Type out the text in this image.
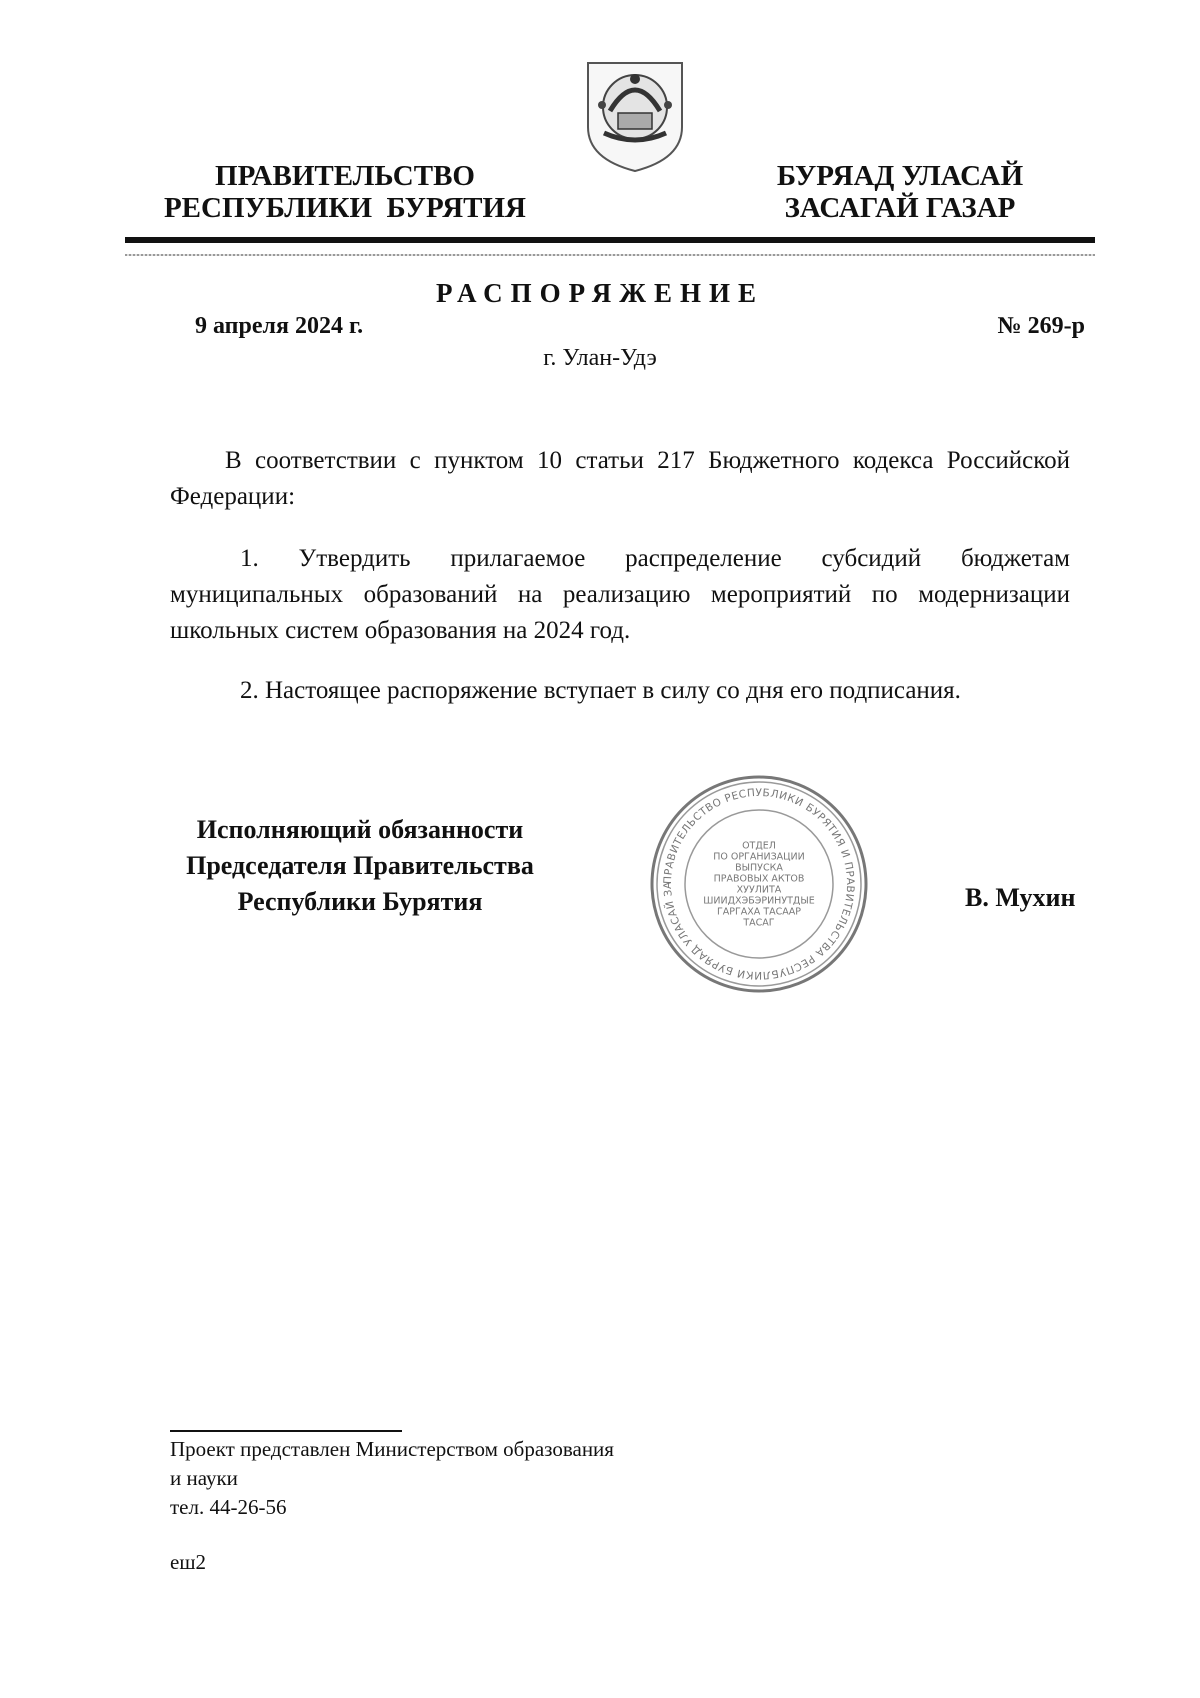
ПРАВИТЕЛЬСТВО
РЕСПУБЛИКИ  БУРЯТИЯ
БУРЯАД УЛАСАЙ
ЗАСАГАЙ ГАЗАР
РАСПОРЯЖЕНИЕ
9 апреля 2024 г.	№ 269-р
г. Улан-Удэ
В соответствии с пунктом 10 статьи 217 Бюджетного кодекса Российской Федерации:
1. Утвердить прилагаемое распределение субсидий бюджетам муниципальных образований на реализацию мероприятий по модернизации школьных систем образования на 2024 год.
2. Настоящее распоряжение вступает в силу со дня его подписания.
Исполняющий обязанности
Председателя Правительства
Республики Бурятия
ПРАВИТЕЛЬСТВО РЕСПУБЛИКИ БУРЯТИЯ И ПРАВИТЕЛЬСТВА РЕСПУБЛИКИ БУРЯАД УЛАСАЙ ЗА
ОТДЕЛ
ПО ОРГАНИЗАЦИИ
ВЫПУСКА
ПРАВОВЫХ АКТОВ
ХУУЛИТА
ШИИДХЭБЭРИНУТДЫЕ
ГАРГАХА ТАСААР
ТАСАГ
В. Мухин
Проект представлен Министерством образования
и науки
тел. 44-26-56
еш2
